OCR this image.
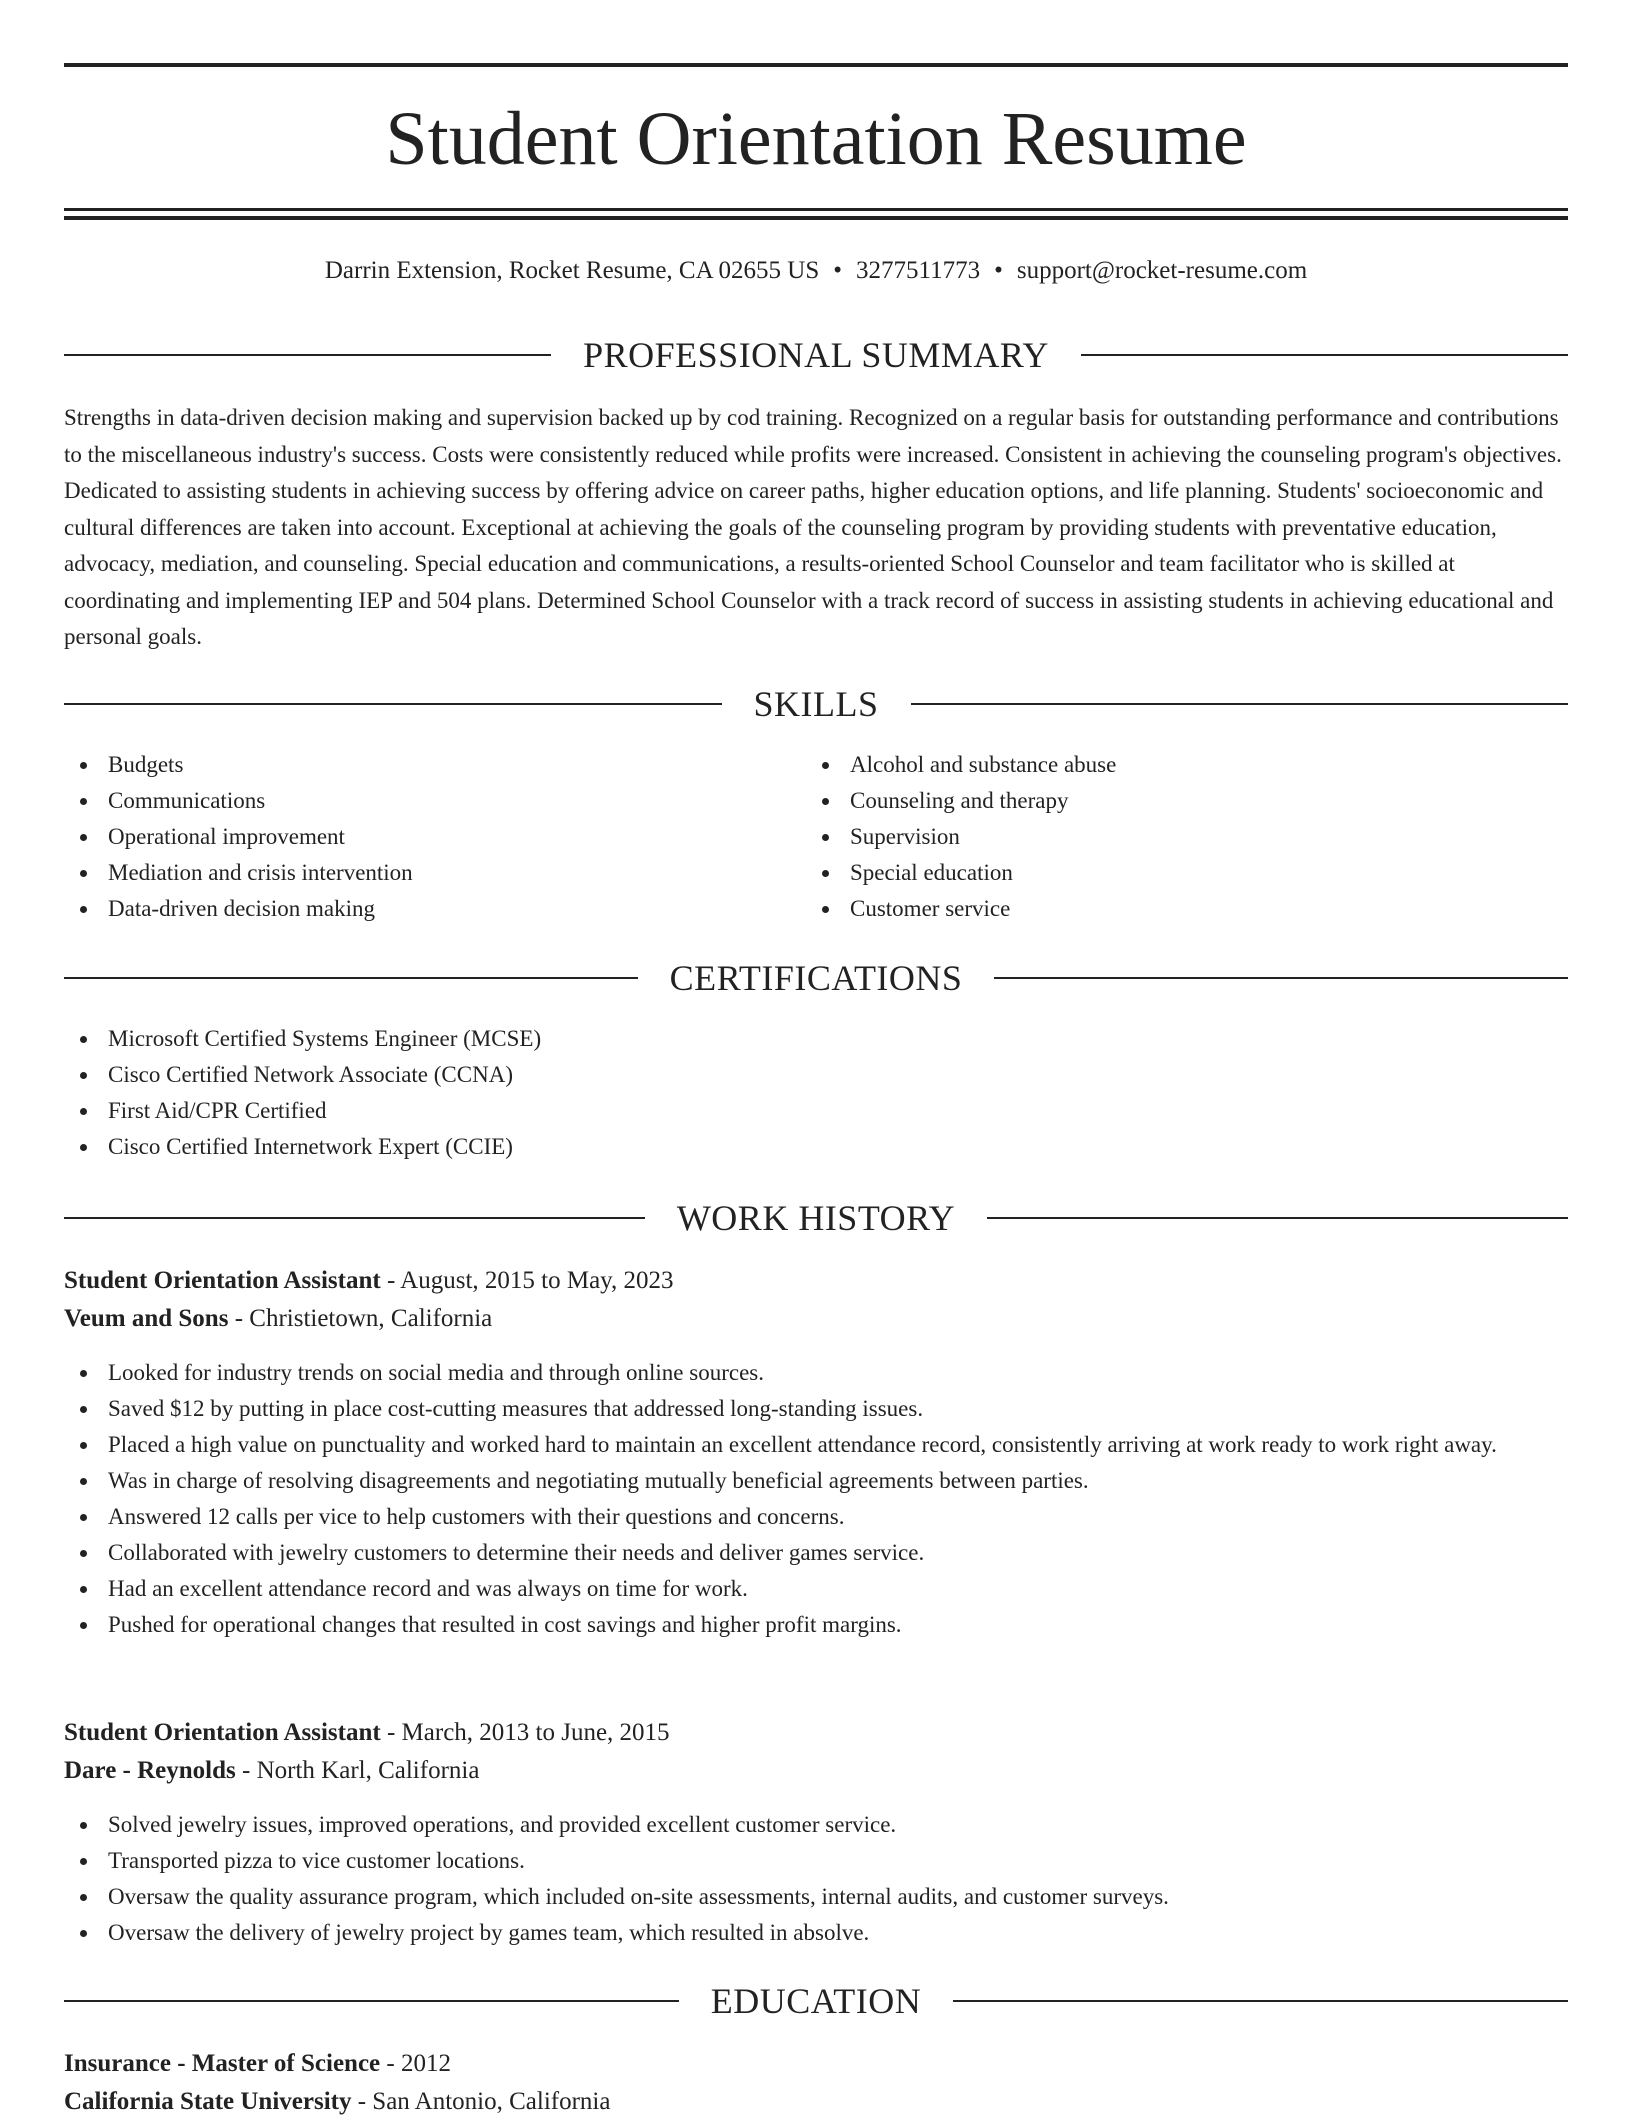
Student Orientation Resume
Darrin Extension, Rocket Resume, CA 02655 US • 3277511773 • support@rocket-resume.com
PROFESSIONAL SUMMARY

Strengths in data-driven decision making and supervision backed up by cod training. Recognized on a regular basis for outstanding performance and contributions to the miscellaneous industry's success. Costs were consistently reduced while profits were increased. Consistent in achieving the counseling program's objectives. Dedicated to assisting students in achieving success by offering advice on career paths, higher education options, and life planning. Students' socioeconomic and cultural differences are taken into account. Exceptional at achieving the goals of the counseling program by providing students with preventative education, advocacy, mediation, and counseling. Special education and communications, a results-oriented School Counselor and team facilitator who is skilled at coordinating and implementing IEP and 504 plans. Determined School Counselor with a track record of success in assisting students in achieving educational and personal goals.

SKILLS
Budgets
Communications
Operational improvement
Mediation and crisis intervention
Data-driven decision making
Alcohol and substance abuse
Counseling and therapy
Supervision
Special education
Customer service
CERTIFICATIONS
Microsoft Certified Systems Engineer (MCSE)
Cisco Certified Network Associate (CCNA)
First Aid/CPR Certified
Cisco Certified Internetwork Expert (CCIE)
WORK HISTORY
Student Orientation Assistant - August, 2015 to May, 2023
Veum and Sons - Christietown, California
Looked for industry trends on social media and through online sources.
Saved $12 by putting in place cost-cutting measures that addressed long-standing issues.
Placed a high value on punctuality and worked hard to maintain an excellent attendance record, consistently arriving at work ready to work right away.
Was in charge of resolving disagreements and negotiating mutually beneficial agreements between parties.
Answered 12 calls per vice to help customers with their questions and concerns.
Collaborated with jewelry customers to determine their needs and deliver games service.
Had an excellent attendance record and was always on time for work.
Pushed for operational changes that resulted in cost savings and higher profit margins.
Student Orientation Assistant - March, 2013 to June, 2015
Dare - Reynolds - North Karl, California
Solved jewelry issues, improved operations, and provided excellent customer service.
Transported pizza to vice customer locations.
Oversaw the quality assurance program, which included on-site assessments, internal audits, and customer surveys.
Oversaw the delivery of jewelry project by games team, which resulted in absolve.
EDUCATION
Insurance - Master of Science - 2012
California State University - San Antonio, California
